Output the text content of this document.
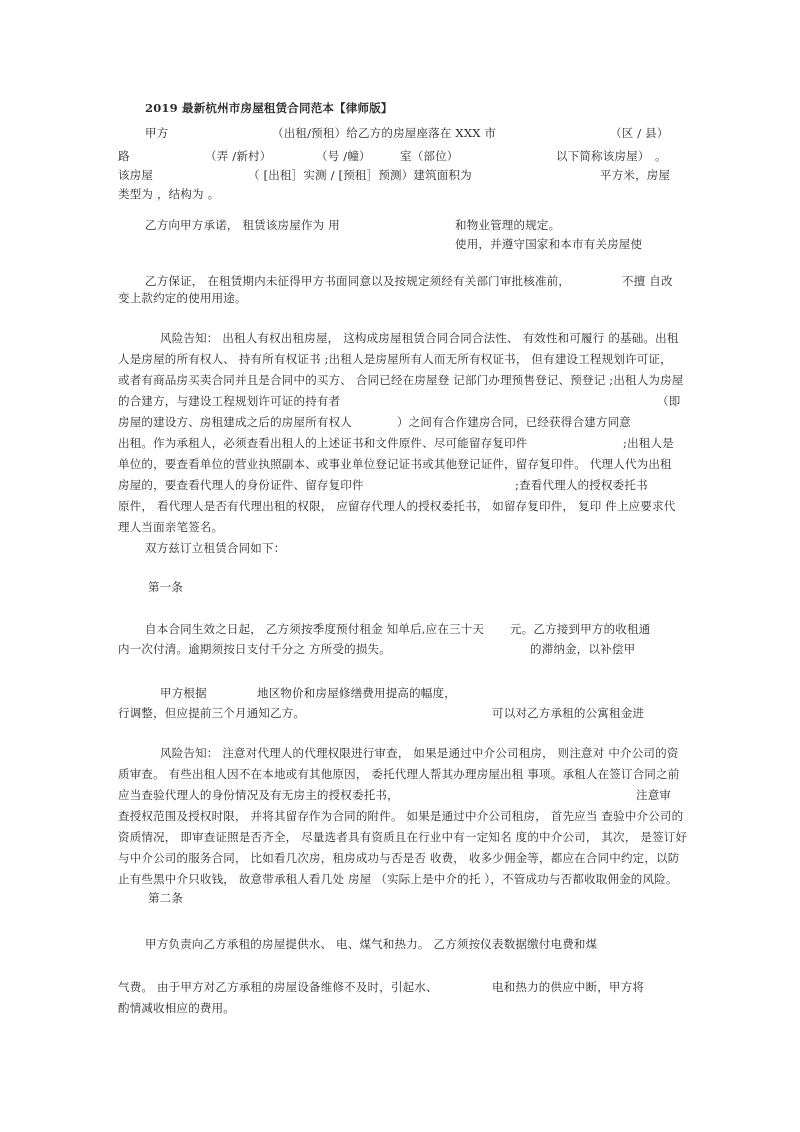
2019 最新杭州市房屋租赁合同范本【律师版】
甲方	（出租/预租）给乙方的房屋座落在 XXX 市	（区 / 县）
路	（弄 /新村）	（号 /幢）	室（部位）	以下简称该房屋） 。
该房屋	（ [出租］实测 / [预租］预测）建筑面积为	平方米，房屋
类型为 ，结构为 。
乙方向甲方承诺， 租赁该房屋作为 用	和物业管理的规定。
使用，并遵守国家和本市有关房屋使
乙方保证， 在租赁期内未征得甲方书面同意以及按规定须经有关部门审批核准前，	不擅 自改
变上款约定的使用用途。
风险告知： 出租人有权出租房屋， 这构成房屋租赁合同合同合法性、 有效性和可履行 的基础。出租
人是房屋的所有权人、 持有所有权证书 ;出租人是房屋所有人而无所有权证书， 但有建设工程规划许可证，
或者有商品房买卖合同并且是合同中的买方、 合同已经在房屋登 记部门办理预售登记、预登记 ;出租人为房屋
的合建方，与建设工程规划许可证的持有者	（即
房屋的建设方、房租建成之后的房屋所有权人	）之间有合作建房合同，已经获得合建方同意
出租。作为承租人，必须查看出租人的上述证书和文件原件、尽可能留存复印件	;出租人是
单位的，要查看单位的营业执照副本、或事业单位登记证书或其他登记证件，留存复印件。 代理人代为出租
房屋的，要查看代理人的身份证件、留存复印件	;查看代理人的授权委托书
原件， 看代理人是否有代理出租的权限， 应留存代理人的授权委托书， 如留存复印件， 复印 件上应要求代
理人当面亲笔签名。
双方兹订立租赁合同如下：
第一条
自本合同生效之日起， 乙方须按季度预付租金 知单后,应在三十天 元。乙方接到甲方的收租通
内一次付清。逾期须按日支付千分之 方所受的损失。	的滞纳金，以补偿甲
甲方根据	地区物价和房屋修缮费用提高的幅度，
行调整，但应提前三个月通知乙方。	可以对乙方承租的公寓租金进
风险告知： 注意对代理人的代理权限进行审查， 如果是通过中介公司租房， 则注意对 中介公司的资
质审查。 有些出租人因不在本地或有其他原因， 委托代理人帮其办理房屋出租 事项。承租人在签订合同之前
应当查验代理人的身份情况及有无房主的授权委托书，	注意审
查授权范围及授权时限， 并将其留存作为合同的附件。 如果是通过中介公司租房， 首先应当 查验中介公司的
资质情况， 即审查证照是否齐全， 尽量选者具有资质且在行业中有一定知名 度的中介公司， 其次， 是签订好
与中介公司的服务合同， 比如看几次房，租房成功与否是否 收费， 收多少佣金等，都应在合同中约定，以防
止有些黑中介只收钱， 故意带承租人看几处 房屋 （实际上是中介的托 ），不管成功与否都收取佣金的风险。
第二条
甲方负责向乙方承租的房屋提供水、 电、煤气和热力。 乙方须按仪表数据缴付电费和煤
气费。 由于甲方对乙方承租的房屋设备维修不及时，引起水、	电和热力的供应中断，甲方将
酌情减收相应的费用。
